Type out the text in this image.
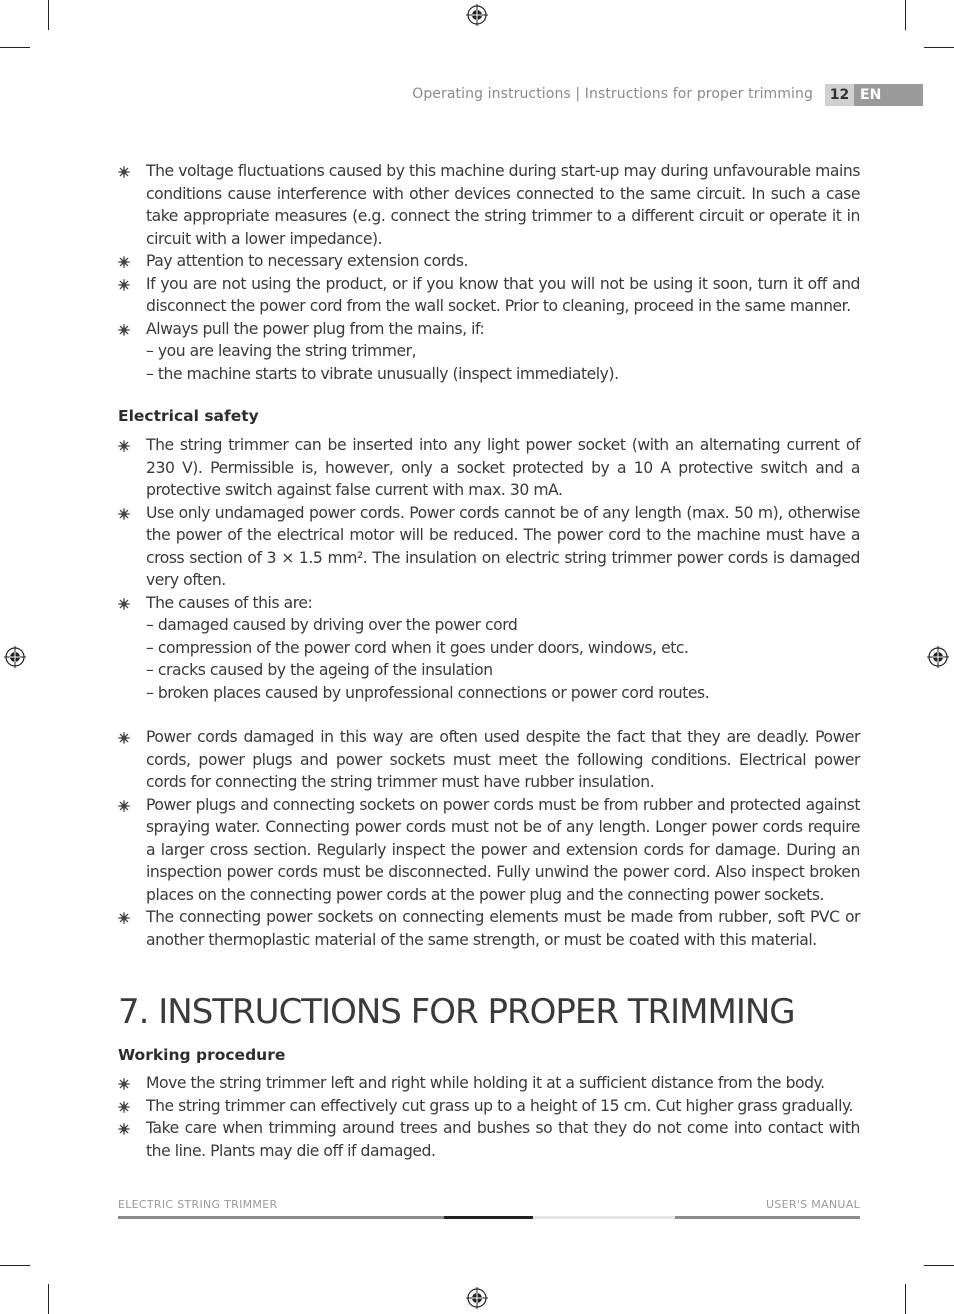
Operating instructions | Instructions for proper trimming	12 EN
The voltage fluctuations caused by this machine during start-up may during unfavourable mains conditions cause interference with other devices connected to the same circuit. In such a case take appropriate measures (e.g. connect the string trimmer to a different circuit or operate it in circuit with a lower impedance).
Pay attention to necessary extension cords.
If you are not using the product, or if you know that you will not be using it soon, turn it off and disconnect the power cord from the wall socket. Prior to cleaning, proceed in the same manner.
Always pull the power plug from the mains, if:
– you are leaving the string trimmer,
– the machine starts to vibrate unusually (inspect immediately).

Electrical safety

The string trimmer can be inserted into any light power socket (with an alternating current of 230 V). Permissible is, however, only a socket protected by a 10 A protective switch and a protective switch against false current with max. 30 mA.
Use only undamaged power cords. Power cords cannot be of any length (max. 50 m), otherwise the power of the electrical motor will be reduced. The power cord to the machine must have a cross section of 3 × 1.5 mm². The insulation on electric string trimmer power cords is damaged very often.
The causes of this are:
– damaged caused by driving over the power cord
– compression of the power cord when it goes under doors, windows, etc.
– cracks caused by the ageing of the insulation
– broken places caused by unprofessional connections or power cord routes.
Power cords damaged in this way are often used despite the fact that they are deadly. Power cords, power plugs and power sockets must meet the following conditions. Electrical power cords for connecting the string trimmer must have rubber insulation.
Power plugs and connecting sockets on power cords must be from rubber and protected against spraying water. Connecting power cords must not be of any length. Longer power cords require a larger cross section. Regularly inspect the power and extension cords for damage. During an inspection power cords must be disconnected. Fully unwind the power cord. Also inspect broken places on the connecting power cords at the power plug and the connecting power sockets.
The connecting power sockets on connecting elements must be made from rubber, soft PVC or another thermoplastic material of the same strength, or must be coated with this material.
7. INSTRUCTIONS FOR PROPER TRIMMING

Working procedure

Move the string trimmer left and right while holding it at a sufficient distance from the body.
The string trimmer can effectively cut grass up to a height of 15 cm. Cut higher grass gradually.
Take care when trimming around trees and bushes so that they do not come into contact with the line. Plants may die off if damaged.
ELECTRIC STRING TRIMMER	USER'S MANUAL
